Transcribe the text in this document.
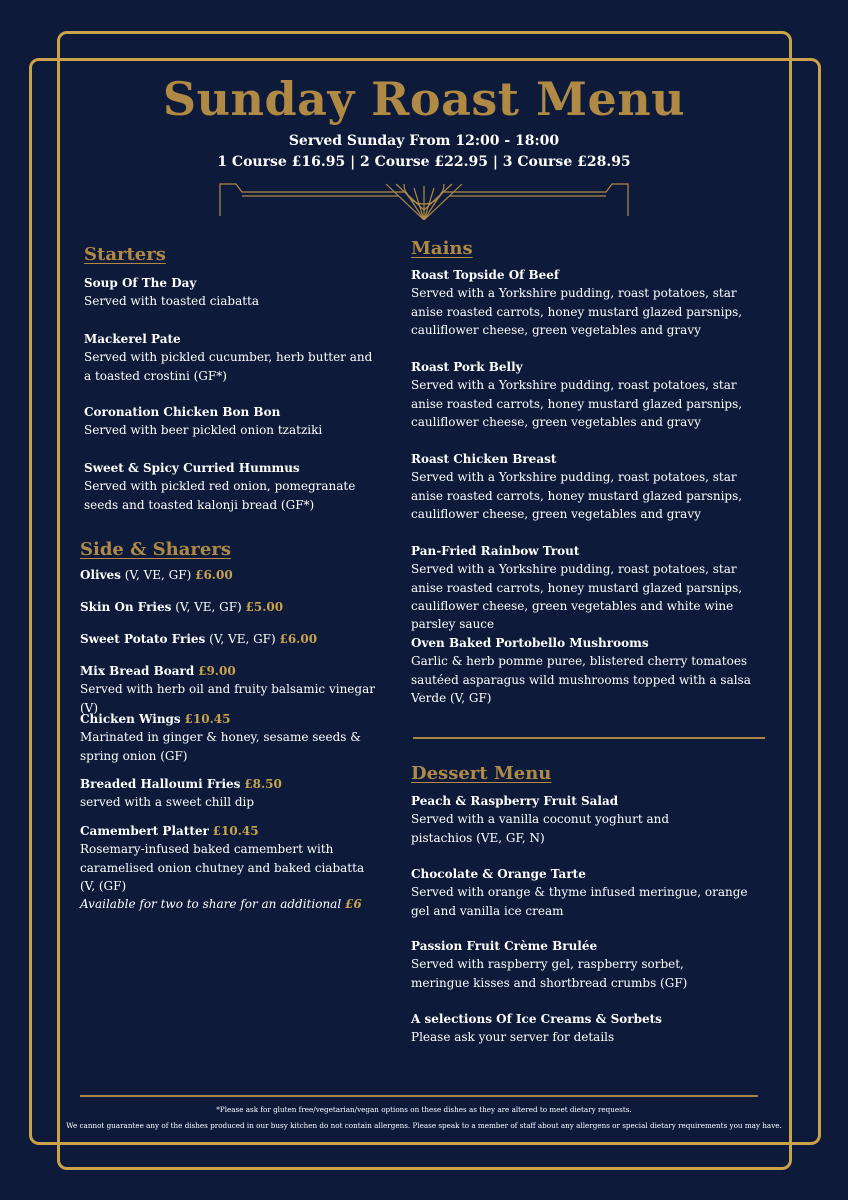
Sunday Roast Menu

Served Sunday From 12:00 - 18:00

1 Course £16.95 | 2 Course £22.95 | 3 Course £28.95

Starters
Soup Of The Day
Served with toasted ciabatta
Mackerel Pate
Served with pickled cucumber, herb butter and a toasted crostini (GF*)
Coronation Chicken Bon Bon
Served with beer pickled onion tzatziki
Sweet & Spicy Curried Hummus
Served with pickled red onion, pomegranate seeds and toasted kalonji bread (GF*)
Side & Sharers
Olives (V, VE, GF) £6.00
Skin On Fries (V, VE, GF) £5.00
Sweet Potato Fries (V, VE, GF) £6.00
Mix Bread Board £9.00
Served with herb oil and fruity balsamic vinegar (V)
Chicken Wings £10.45
Marinated in ginger & honey, sesame seeds & spring onion (GF)
Breaded Halloumi Fries £8.50
served with a sweet chill dip
Camembert Platter £10.45
Rosemary-infused baked camembert with caramelised onion chutney and baked ciabatta (V, (GF)
Available for two to share for an additional £6
Mains
Roast Topside Of Beef
Served with a Yorkshire pudding, roast potatoes, star anise roasted carrots, honey mustard glazed parsnips, cauliflower cheese, green vegetables and gravy
Roast Pork Belly
Served with a Yorkshire pudding, roast potatoes, star anise roasted carrots, honey mustard glazed parsnips, cauliflower cheese, green vegetables and gravy
Roast Chicken Breast
Served with a Yorkshire pudding, roast potatoes, star anise roasted carrots, honey mustard glazed parsnips, cauliflower cheese, green vegetables and gravy
Pan-Fried Rainbow Trout
Served with a Yorkshire pudding, roast potatoes, star anise roasted carrots, honey mustard glazed parsnips, cauliflower cheese, green vegetables and white wine parsley sauce
Oven Baked Portobello Mushrooms
Garlic & herb pomme puree, blistered cherry tomatoes sautéed asparagus wild mushrooms topped with a salsa Verde (V, GF)
Dessert Menu
Peach & Raspberry Fruit Salad
Served with a vanilla coconut yoghurt and pistachios (VE, GF, N)
Chocolate & Orange Tarte
Served with orange & thyme infused meringue, orange gel and vanilla ice cream
Passion Fruit Crème Brulée
Served with raspberry gel, raspberry sorbet, meringue kisses and shortbread crumbs (GF)
A selections Of Ice Creams & Sorbets
Please ask your server for details

*Please ask for gluten free/vegetarian/vegan options on these dishes as they are altered to meet dietary requests.

We cannot guarantee any of the dishes produced in our busy kitchen do not contain allergens. Please speak to a member of staff about any allergens or special dietary requirements you may have.
